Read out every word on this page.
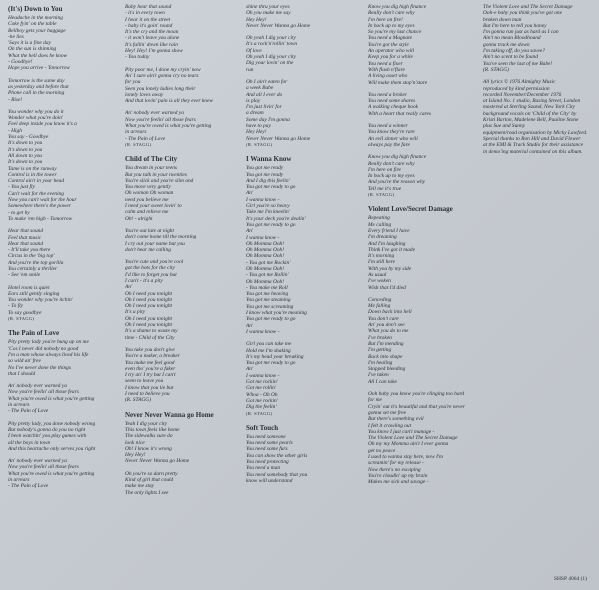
(It's) Down to You
Headache in the morning
Coke fyin' on the table
Bellboy gets your baggage
-he lies
'Says it is a fine day
On the sun is shinning
What the hell does he know
- Goodbye!
Hope you arrive - Tomorrow
Tomorrow is the same day
as yesterday and before that
Phone call in the morning
- Rise!
You wonder why you do it
Wonder what you're doin'
Feel deep inside you know it's a
- High
You say - Goodbye
It's down to you
It's down to you
All down to you
It's down to you
Tame is on the runway
Control is in the tower
Control ain't in your head
- You just fly
Can't wait for the evening
Now you can't wait for the hour
Somewhere there's the power
- to get by
To make 'em high - Tomorrow
Hear that sound
Feel that music
Hear that sound
- It'll take you there
Circus in the 'big top'
And you're the top gorilla
You certainly a thriller
- See 'em smile
Hotel room is quiet
Ears still gently singing
You wonder why you're itchin'
- To fly
To say goodbye
(R. STAGG)
The Pain of Love
Pity pretty lady you're hung up on me
'Cos I never did nobody no good
I'm a man whose always lived his life
so wild an' free
No I've never done the things
that I should
An' nobody ever warned ya
Now you're feelin' all those fears
What you're owed is what you're getting
in arrears
- The Pain of Love
Pity pretty lady, you done nobody wrong
But nobody's gonna do you no right
I been watchin' you play games with
all the boys in town
And this heartache only serves you right
An' nobody ever warned ya
Now you're feelin' all those fears
What you're owed is what you're getting
in arrears
- The Pain of Love
Baby hear that sound
- it's in every town
I hear it on the street
- baby it's goin' round
It's the cry and the moan
- it won't leave you alone
It's fallin' down like rain
Hey! Hey! I'm gonna show
- You today
Pity poor me, I done my cryin' now
An' I sure ain't gonna cry no tears
for you
Seen you lonely ladies long their
lonely loves away
And that lovin' pain is all they ever knew
An' nobody ever warned ya
Now you're feelin' all those fears
What you're owed is what you're getting
in arrears
- The Pain of Love
(R. STAGG)
Child of The City
You dream in your teens
But you talk in your twenties
You're slick and you're slim and
You move very gently
Oh woman Oh woman
need you believe me
I need your sweet lovin' to
calm and relieve me
Oh! - alright
You're out late at night
don't come home till the morning
I cry out your name but you
don't hear me calling
You're cute and you're cool
got the hots for the city
I'd like to forget you but
I can't - it's a pity
An'
Oh I need you tonight
Oh I need you tonight
Oh I need you tonight
It's a pity
Oh I need you tonight
Oh I need you tonight
It's a shame to waste my
time - Child of the City
You take you don't give
You're a maker, a breaker
You make me feel good
even tho' you're a faker
I try an' I try but I can't
seem to leave you
I know that you lie but
I need to believe you
(R. STAGG)
Never Never Wanna go Home
Yeah I dig your city
This town feels like home
The sidewalks sure do
look nice
Oh! I know it's wrong
Hey Hey!
Never Never Wanna go Home
Oh you're so darn pretty
Kind of girl that could
make me stay
The only lights I see
shine thru your eyes
Oh you make me say
Hey Hey!
Never Never Wanna go Home
Oh yeah I dig your city
It's a rock'n'rollin' town
Of love
Oh yeah I dig your city
Dig your lovin' on the
run
Oh I ain't eaten for
a week Babe
And all I ever do
is play
I'm just livin' for
a dream
Some day I'm gonna
have to pay
Hey Hey!
Never Never Wanna go Home
(R. STAGG)
I Wanna Know
You got me ready
You got me ready
And I dig this feelin'
You got me ready to go
An'
I wanna know -
Girl you're so heavy
Take me I'm kneelin'
It's your deck you're dealin'
You got me ready to go
An'
I wanna know -
Oh Momma Ooh!
Oh Momma Ooh!
Oh Momma Ooh!
- You got me Rockin'
Oh Momma Ooh!
- You got me Rollin'
Oh Momma Ooh!
- You make me Roll
You got me heaving
You got me steaming
You got me screaming
I know what you're meaning
You got me ready to go
An'
I wanna know -
Girl you can take me
Hold me I'm shaking
It's my head your breaking
You got me ready to go
An'
I wanna know -
Got me rockin'
Got me rollin'
Whoa - Oh Oh
Got me rockin'
Dig the feelin'
(R. STAGG)
Soft Touch
You need someone
You need some pearls
You need some furs
You can show the other girls
You need protecting
You need a man
You need somebody that you
know will understand
Know you dig high finance
Really don't care why
I'm here on fire!
In hock up to my eyes
So you're my last chance
You need a Magnate
You're got the style
An operator who will
Keep you for a while
You need a fixer
With flash n'flare
A living asset who
Will make them stop'n'stare
You need a broker
You need some shares
A walking cheque book
With a heart that really cares
You need a winner
You know they're rare
An evil sinner who will
always pay the fare
Know you dig high finance
Really don't care why
I'm here on fire
In hock up to my eyes
And you're the reason why
Tell me it's true
(R. STAGG)
Violent Love/Secret Damage
Repeating
Me calling
Every friend I have
I'm dreaming
And I'm laughing
Think I've got it made
It's morning
I'm still here
With you by my side
As usual
I've woken
Wish that I'd died
Conceding
Me falling
Down back into hell
You don't care
An' you don't see
What you do to me
I've broken
But I'm mending
I'm getting
Back into shape
I'm healing
Stopped bleeding
I've taken
All I can take
Ooh baby you know you're clinging too hard
for me
Cryin' out it's beautiful and that you're never
gonna set me free
But there's something evil
I felt it crawling out
You know I just can't manage -
The Violent Love and The Secret Damage
Oh my my Momma ain't I ever gonna
get no peace
I used to wanna stay here, now I'm
screamin' for my release -
Now there's no escaping
You're cloudin' up my brain
Makes me sick and savage -
The Violent Love and The Secret Damage
Ooh-e baby you think you've got one
broken down man
But I'm here to tell you honey
I'm gonna run just as hard as I can
Ain't no mean Bloodhound
gonna track me down
I'm taking off, do you savee?
Ain't no scent to be found
You've seen the last of me Babe!
(R. STAGG)
All lyrics © 1976 Almighty Music
reproduced by kind permission
recorded November/December 1976
at Island No. 1 studio, Basing Street, London
mastered at Sterling Sound, New York City
background vocals on 'Child of the City' by
Kristi Barton, Madelene Bell, Pauline Stone
plus Sue and Sunny
equipment/road organisation by Micky Lawford.
Special thanks to Ron Hill and David Flower
at the EMI & Track Studio for their assistance
in demo'ing material contained on this album.
SHSP 4064 (1)
